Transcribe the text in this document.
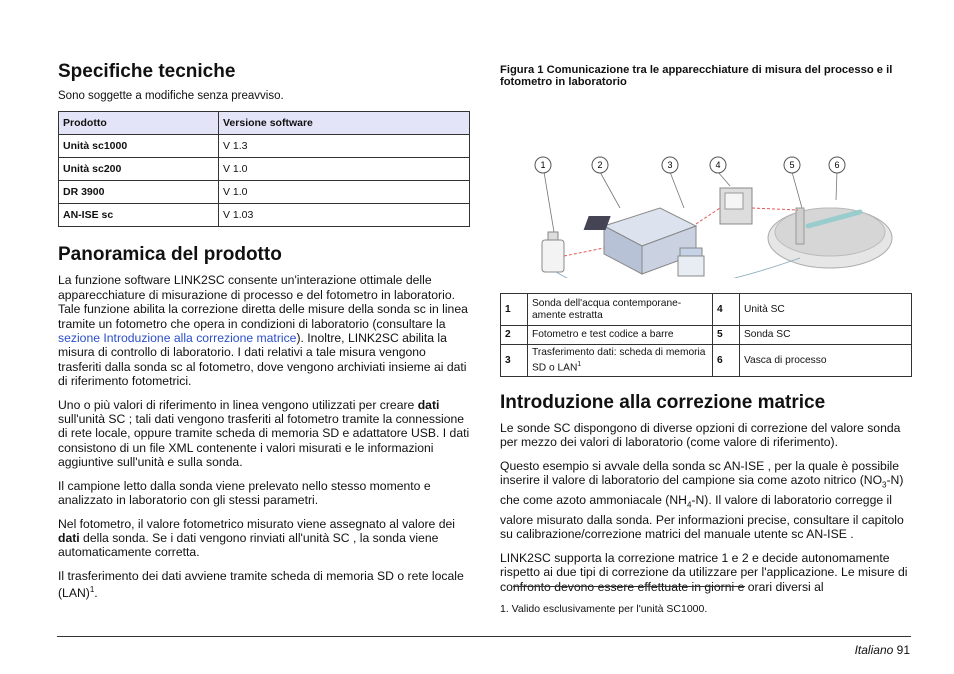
Specifiche tecniche

Sono soggette a modifiche senza preavviso.

Prodotto	Versione software
Unità sc1000	V 1.3
Unità sc200	V 1.0
DR 3900	V 1.0
AN-ISE sc	V 1.03
Panoramica del prodotto

La funzione software LINK2SC consente un'interazione ottimale delle apparecchiature di misurazione di processo e del fotometro in laboratorio. Tale funzione abilita la correzione diretta delle misure della sonda sc in linea tramite un fotometro che opera in condizioni di laboratorio (consultare la sezione Introduzione alla correzione matrice). Inoltre, LINK2SC abilita la misura di controllo di laboratorio. I dati relativi a tale misura vengono trasferiti dalla sonda sc al fotometro, dove vengono archiviati insieme ai dati di riferimento fotometrici.

Uno o più valori di riferimento in linea vengono utilizzati per creare dati sull'unità SC ; tali dati vengono trasferiti al fotometro tramite la connessione di rete locale, oppure tramite scheda di memoria SD e adattatore USB. I dati consistono di un file XML contenente i valori misurati e le informazioni aggiuntive sull'unità e sulla sonda.

Il campione letto dalla sonda viene prelevato nello stesso momento e analizzato in laboratorio con gli stessi parametri.

Nel fotometro, il valore fotometrico misurato viene assegnato al valore dei dati della sonda. Se i dati vengono rinviati all'unità SC , la sonda viene automaticamente corretta.

Il trasferimento dei dati avviene tramite scheda di memoria SD o rete locale (LAN)$^1$.

Figura 1 Comunicazione tra le apparecchiature di misura del processo e il fotometro in laboratorio

1	2	3	4	5	6
1	Sonda dell'acqua contemporane-amente estratta	4	Unità SC
2	Fotometro e test codice a barre	5	Sonda SC
3	Trasferimento dati: scheda di memoria SD o LAN$^1$	6	Vasca di processo
Introduzione alla correzione matrice

Le sonde SC dispongono di diverse opzioni di correzione del valore sonda per mezzo dei valori di laboratorio (come valore di riferimento).

Questo esempio si avvale della sonda sc AN-ISE , per la quale è possibile inserire il valore di laboratorio del campione sia come azoto nitrico $(NO_3-N)$ che come azoto ammoniacale $(NH_4-N)$. Il valore di laboratorio corregge il valore misurato dalla sonda. Per informazioni precise, consultare il capitolo su calibrazione/correzione matrici del manuale utente sc AN-ISE .

LINK2SC supporta la correzione matrice 1 e 2 e decide autonomamente rispetto ai due tipi di correzione da utilizzare per l'applicazione. Le misure di confronto devono essere effettuate in giorni e orari diversi al

1. Valido esclusivamente per l'unità SC1000.
Italiano 91
